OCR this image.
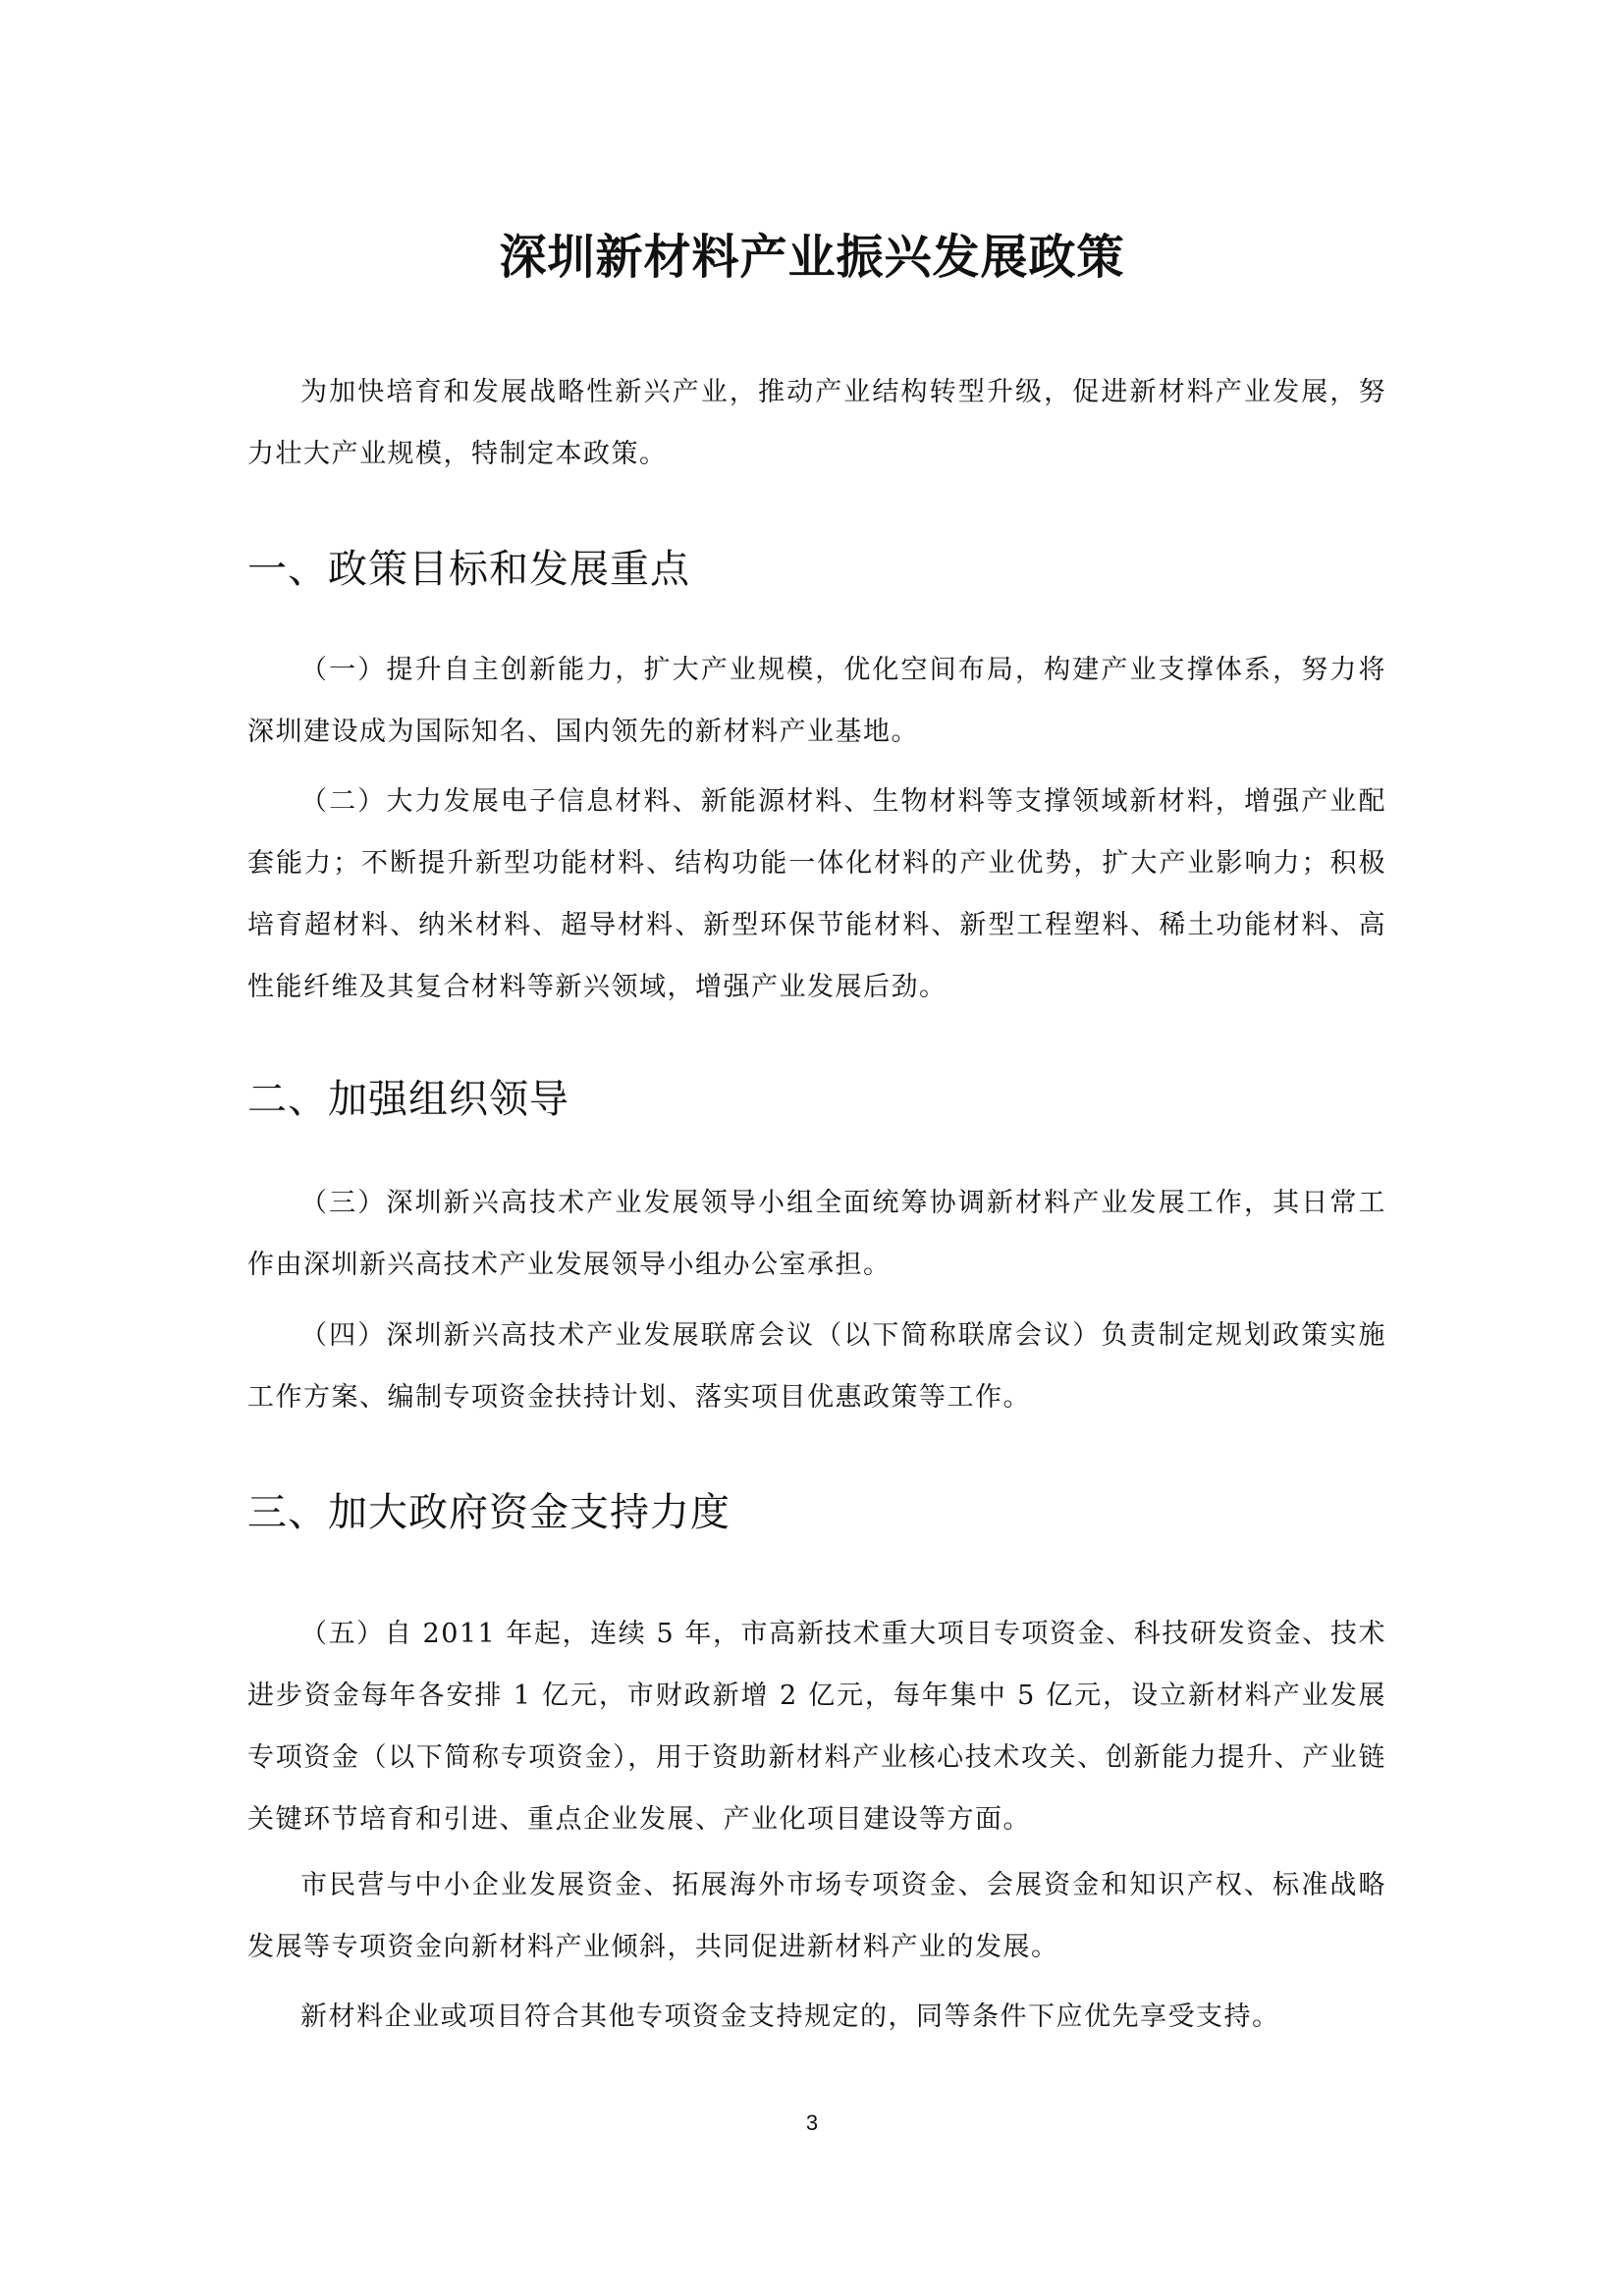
深圳新材料产业振兴发展政策

为加快培育和发展战略性新兴产业，推动产业结构转型升级，促进新材料产业发展，努力壮大产业规模，特制定本政策。

一、政策目标和发展重点

（一）提升自主创新能力，扩大产业规模，优化空间布局，构建产业支撑体系，努力将深圳建设成为国际知名、国内领先的新材料产业基地。

（二）大力发展电子信息材料、新能源材料、生物材料等支撑领域新材料，增强产业配套能力；不断提升新型功能材料、结构功能一体化材料的产业优势，扩大产业影响力；积极培育超材料、纳米材料、超导材料、新型环保节能材料、新型工程塑料、稀土功能材料、高性能纤维及其复合材料等新兴领域，增强产业发展后劲。

二、加强组织领导

（三）深圳新兴高技术产业发展领导小组全面统筹协调新材料产业发展工作，其日常工作由深圳新兴高技术产业发展领导小组办公室承担。

（四）深圳新兴高技术产业发展联席会议（以下简称联席会议）负责制定规划政策实施工作方案、编制专项资金扶持计划、落实项目优惠政策等工作。

三、加大政府资金支持力度

（五）自 2011 年起，连续 5 年，市高新技术重大项目专项资金、科技研发资金、技术进步资金每年各安排 1 亿元，市财政新增 2 亿元，每年集中 5 亿元，设立新材料产业发展专项资金（以下简称专项资金），用于资助新材料产业核心技术攻关、创新能力提升、产业链关键环节培育和引进、重点企业发展、产业化项目建设等方面。

市民营与中小企业发展资金、拓展海外市场专项资金、会展资金和知识产权、标准战略发展等专项资金向新材料产业倾斜，共同促进新材料产业的发展。

新材料企业或项目符合其他专项资金支持规定的，同等条件下应优先享受支持。

3
